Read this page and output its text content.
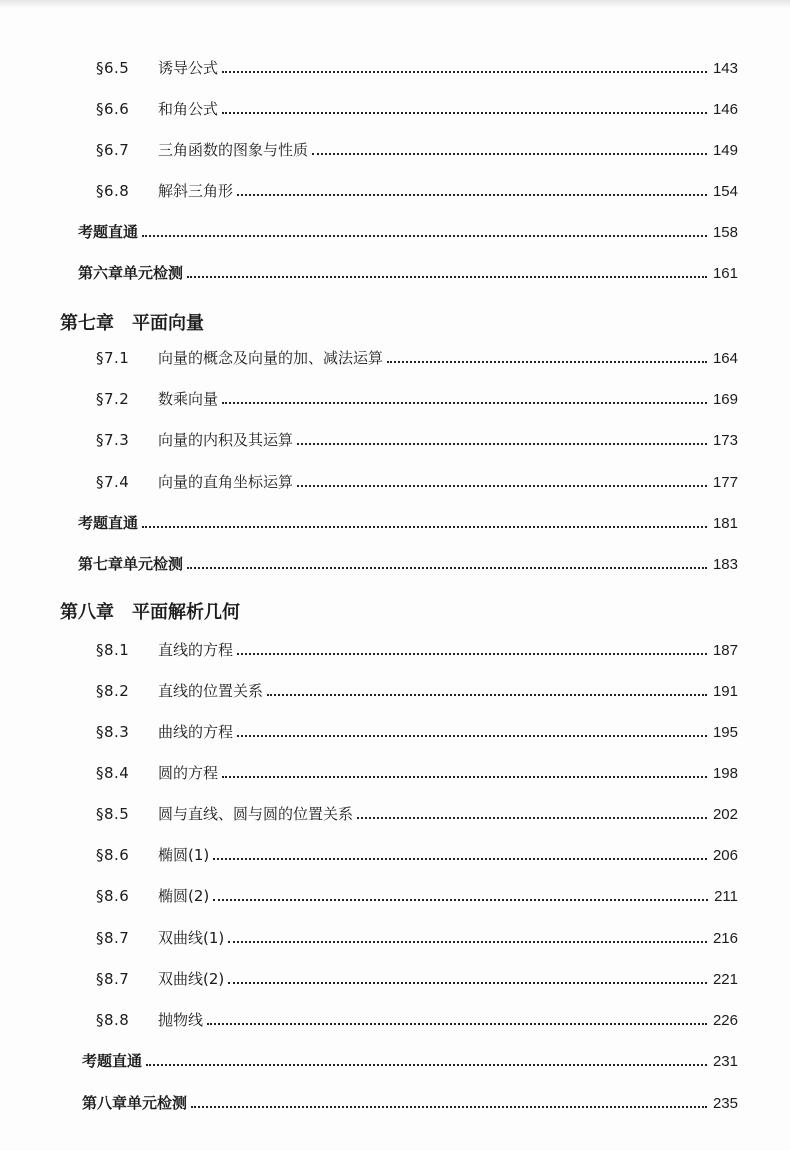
§6.5	诱导公式	143
§6.6	和角公式	146
§6.7	三角函数的图象与性质	149
§6.8	解斜三角形	154
考题直通	158
第六章单元检测	161
第七章 平面向量
§7.1	向量的概念及向量的加、减法运算	164
§7.2	数乘向量	169
§7.3	向量的内积及其运算	173
§7.4	向量的直角坐标运算	177
考题直通	181
第七章单元检测	183
第八章 平面解析几何
§8.1	直线的方程	187
§8.2	直线的位置关系	191
§8.3	曲线的方程	195
§8.4	圆的方程	198
§8.5	圆与直线、圆与圆的位置关系	202
§8.6	椭圆(1)	206
§8.6	椭圆(2)	211
§8.7	双曲线(1)	216
§8.7	双曲线(2)	221
§8.8	抛物线	226
考题直通	231
第八章单元检测	235
